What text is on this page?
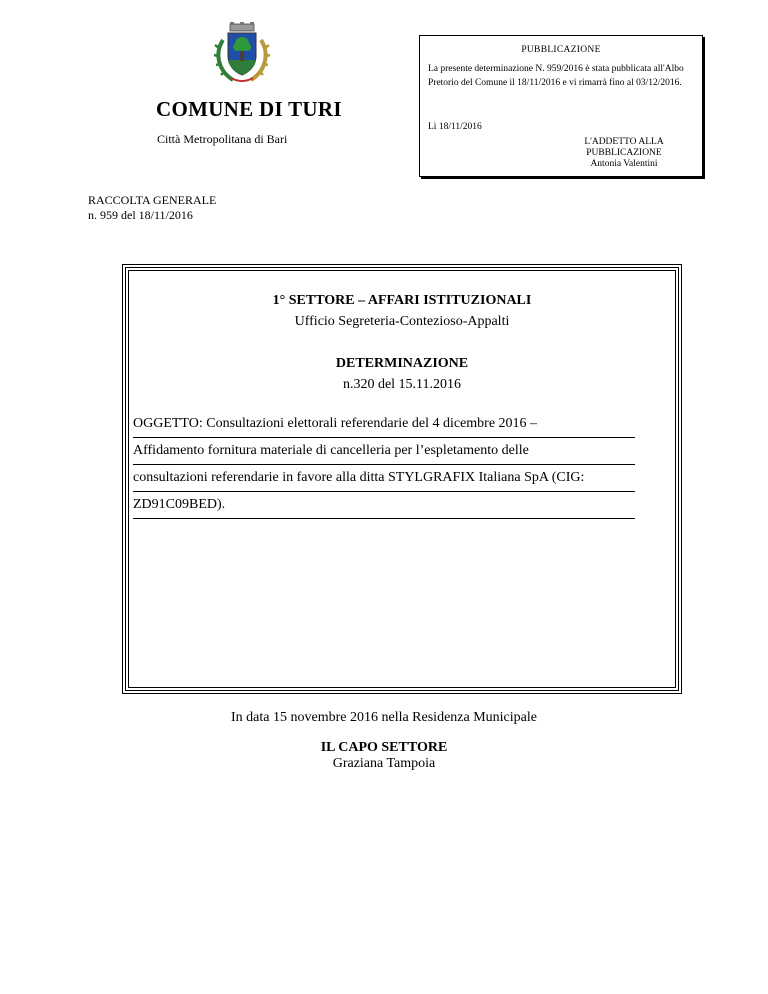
COMUNE DI TURI
Città Metropolitana di Bari
PUBBLICAZIONE
La presente determinazione N. 959/2016 è stata pubblicata all'Albo Pretorio del Comune il 18/11/2016 e vi rimarrà fino al 03/12/2016.
Lì 18/11/2016
L'ADDETTO ALLA
PUBBLICAZIONE
Antonia Valentini
RACCOLTA GENERALE
n. 959 del 18/11/2016
1° SETTORE – AFFARI ISTITUZIONALI
Ufficio Segreteria-Contezioso-Appalti
DETERMINAZIONE
n.320 del 15.11.2016
OGGETTO: Consultazioni elettorali referendarie del 4 dicembre 2016 –
Affidamento fornitura materiale di cancelleria per l’espletamento delle
consultazioni referendarie in favore alla ditta STYLGRAFIX Italiana SpA (CIG:
ZD91C09BED).
In data 15 novembre 2016 nella Residenza Municipale
IL CAPO SETTORE
Graziana Tampoia
